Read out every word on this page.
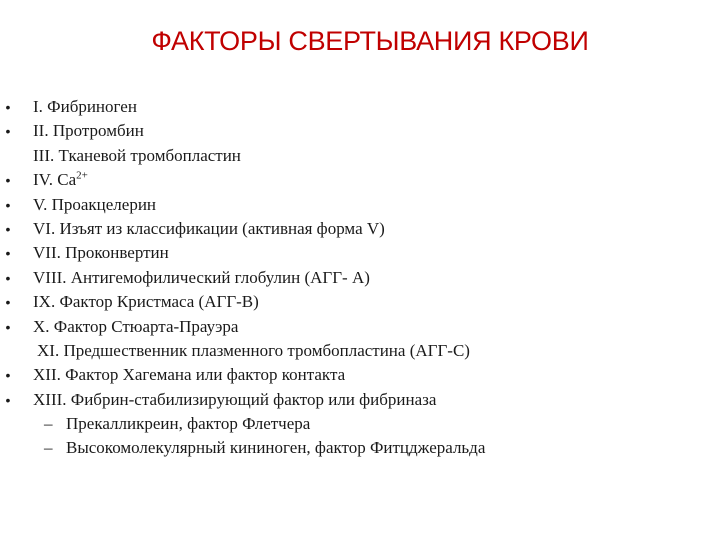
ФАКТОРЫ СВЕРТЫВАНИЯ КРОВИ
• I. Фибриноген
• II. Протромбин
III. Тканевой тромбопластин
• IV. $Ca^{2+}$
• V. Проакцелерин
• VI. Изъят из классификации (активная форма V)
• VII. Проконвертин
• VIII. Антигемофилический глобулин (АГГ- А)
• IX. Фактор Кристмаса (АГГ-В)
• X. Фактор Стюарта-Прауэра
XI. Предшественник плазменного тромбопластина (АГГ-С)
• XII. Фактор Хагемана или фактор контакта
• XIII. Фибрин-стабилизирующий фактор или фибриназа
– Прекалликреин, фактор Флетчера
– Высокомолекулярный кининоген, фактор Фитцджеральда
